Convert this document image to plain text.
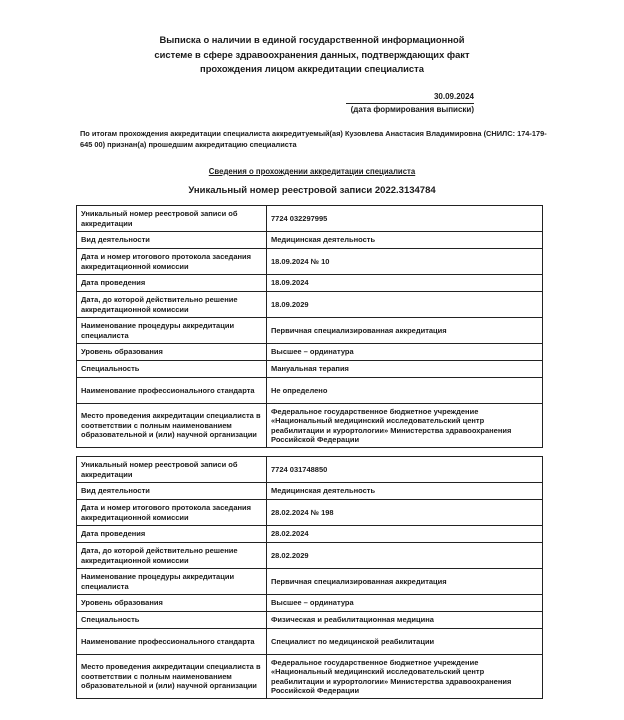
Выписка о наличии в единой государственной информационной
системе в сфере здравоохранения данных, подтверждающих факт
прохождения лицом аккредитации специалиста
30.09.2024
(дата формирования выписки)
По итогам прохождения аккредитации специалиста аккредитуемый(ая) Кузовлева Анастасия Владимировна (СНИЛС: 174-179-645 00) признан(а) прошедшим аккредитацию специалиста
Сведения о прохождении аккредитации специалиста
Уникальный номер реестровой записи 2022.3134784
Уникальный номер реестровой записи об аккредитации	7724 032297995
Вид деятельности	Медицинская деятельность
Дата и номер итогового протокола заседания аккредитационной комиссии	18.09.2024 № 10
Дата проведения	18.09.2024
Дата, до которой действительно решение аккредитационной комиссии	18.09.2029
Наименование процедуры аккредитации специалиста	Первичная специализированная аккредитация
Уровень образования	Высшее – ординатура
Специальность	Мануальная терапия
Наименование профессионального стандарта	Не определено
Место проведения аккредитации специалиста в соответствии с полным наименованием образовательной и (или) научной организации	Федеральное государственное бюджетное учреждение «Национальный медицинский исследовательский центр реабилитации и курортологии» Министерства здравоохранения Российской Федерации
Уникальный номер реестровой записи об аккредитации	7724 031748850
Вид деятельности	Медицинская деятельность
Дата и номер итогового протокола заседания аккредитационной комиссии	28.02.2024 № 198
Дата проведения	28.02.2024
Дата, до которой действительно решение аккредитационной комиссии	28.02.2029
Наименование процедуры аккредитации специалиста	Первичная специализированная аккредитация
Уровень образования	Высшее – ординатура
Специальность	Физическая и реабилитационная медицина
Наименование профессионального стандарта	Специалист по медицинской реабилитации
Место проведения аккредитации специалиста в соответствии с полным наименованием образовательной и (или) научной организации	Федеральное государственное бюджетное учреждение «Национальный медицинский исследовательский центр реабилитации и курортологии» Министерства здравоохранения Российской Федерации
